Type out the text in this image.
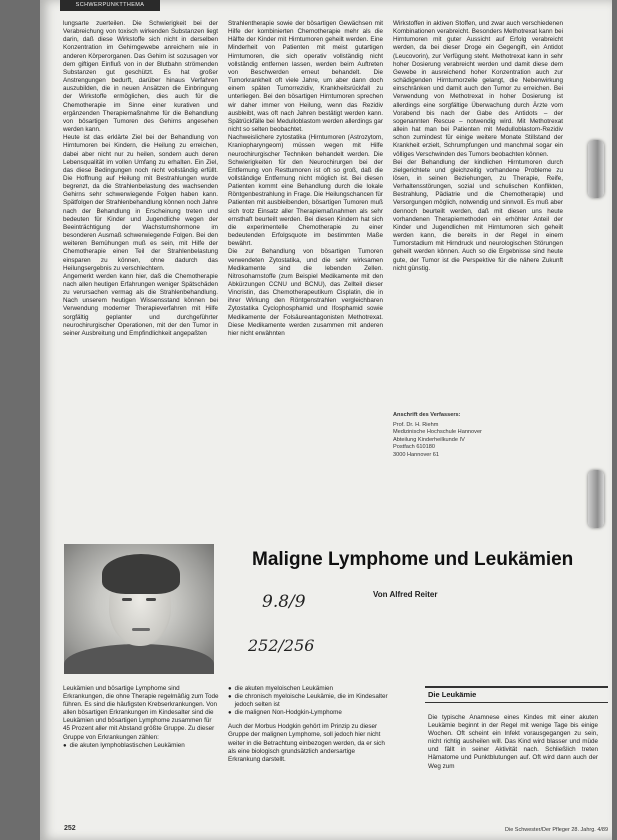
SCHWERPUNKTTHEMA

lungsarte zuerteilen. Die Schwierigkeit bei der Verabreichung von toxisch wirkenden Substanzen liegt darin, daß diese Wirkstoffe sich nicht in derselben Konzentration im Gehirngewebe anreichern wie in anderen Körperorganen. Das Gehirn ist sozusagen vor dem giftigen Einfluß von in der Blutbahn strömenden Substanzen gut geschützt. Es hat großer Anstrengungen bedurft, darüber hinaus Verfahren auszubilden, die in neuen Ansätzen die Einbringung der Wirkstoffe ermöglichen, dies auch für die Chemotherapie im Sinne einer kurativen und ergänzenden Therapiemaßnahme für die Behandlung von bösartigen Tumoren des Gehirns angesehen werden kann.

Heute ist das erklärte Ziel bei der Behandlung von Hirntumoren bei Kindern, die Heilung zu erreichen, dabei aber nicht nur zu heilen, sondern auch deren Lebensqualität im vollen Umfang zu erhalten. Ein Ziel, das diese Bedingungen noch nicht vollständig erfüllt. Die Hoffnung auf Heilung mit Bestrahlungen wurde begrenzt, da die Strahlenbelastung des wachsenden Gehirns sehr schwerwiegende Folgen haben kann. Spätfolgen der Strahlenbehandlung können noch Jahre nach der Behandlung in Erscheinung treten und bedeuten für Kinder und Jugendliche wegen der Beeinträchtigung der Wachstumshormone im besonderen Ausmaß schwerwiegende Folgen. Bei den weiteren Bemühungen muß es sein, mit Hilfe der Chemotherapie einen Teil der Strahlenbelastung einsparen zu können, ohne dadurch das Heilungsergebnis zu verschlechtern.

Angemerkt werden kann hier, daß die Chemotherapie nach allen heutigen Erfahrungen weniger Spätschäden zu verursachen vermag als die Strahlenbehandlung. Nach unserem heutigen Wissensstand können bei Verwendung moderner Therapieverfahren mit Hilfe sorgfältig geplanter und durchgeführter neurochirurgischer Operationen, mit der den Tumor in seiner Ausbreitung und Empfindlichkeit angepaßten

Strahlentherapie sowie der bösartigen Gewächsen mit Hilfe der kombinierten Chemotherapie mehr als die Hälfte der Kinder mit Hirntumoren geheilt werden. Eine Minderheit von Patienten mit meist gutartigen Hirntumoren, die sich operativ vollständig nicht vollständig entfernen lassen, werden beim Auftreten von Beschwerden erneut behandelt. Die Tumorkrankheit oft viele Jahre, um aber dann doch einem späten Tumorrezidiv, Krankheitsrückfall zu unterliegen. Bei den bösartigen Hirntumoren sprechen wir daher immer von Heilung, wenn das Rezidiv ausbleibt, was oft nach Jahren bestätigt werden kann. Spätrückfälle bei Medulloblastom werden allerdings gar nicht so selten beobachtet.

Nachweislichere zytostatika (Hirntumoren (Astrozytom, Kraniopharyngeom) müssen wegen mit Hilfe neurochirurgischer Techniken behandelt werden. Die Schwierigkeiten für den Neurochirurgen bei der Entfernung von Resttumoren ist oft so groß, daß die vollständige Entfernung nicht möglich ist. Bei diesen Patienten kommt eine Behandlung durch die lokale Röntgenbestrahlung in Frage. Die Heilungschancen für Patienten mit ausbleibenden, bösartigen Tumoren muß sich trotz Einsatz aller Therapiemaßnahmen als sehr ernsthaft beurteilt werden. Bei diesen Kindern hat sich die experimentelle Chemotherapie zu einer bedeutenden Erfolgsquote im bestimmten Maße bewährt.

Die zur Behandlung von bösartigen Tumoren verwendeten Zytostatika, und die sehr wirksamen Medikamente sind die lebenden Zellen. Nitrosoharnstoffe (zum Beispiel Medikamente mit den Abkürzungen CCNU und BCNU), das Zellteil dieser Vincristin, das Chemotherapeutikum Cisplatin, die in ihrer Wirkung den Röntgenstrahlen vergleichbaren Zytostatika Cyclophosphamid und Ifosphamid sowie Medikamente der Folsäureantagonisten Methotrexat. Diese Medikamente werden zusammen mit anderen hier nicht erwähnten

Wirkstoffen in aktiven Stoffen, und zwar auch verschiedenen Kombinationen verabreicht. Besonders Methotrexat kann bei Hirntumoren mit guter Aussicht auf Erfolg verabreicht werden, da bei dieser Droge ein Gegengift, ein Antidot (Leucovorin), zur Verfügung steht. Methotrexat kann in sehr hoher Dosierung verabreicht werden und damit diese dem Gewebe in ausreichend hoher Konzentration auch zur schädigenden Hirntumorzelle gelangt, die Nebenwirkung einschränken und damit auch den Tumor zu erreichen. Bei Verwendung von Methotrexat in hoher Dosierung ist allerdings eine sorgfältige Überwachung durch Ärzte vom Vorabend bis nach der Gabe des Antidots – der sogenannten Rescue – notwendig wird. Mit Methotrexat allein hat man bei Patienten mit Medulloblastom-Rezidiv schon zumindest für einige weitere Monate Stillstand der Krankheit erzielt, Schrumpfungen und manchmal sogar ein völliges Verschwinden des Tumors beobachten können.

Bei der Behandlung der kindlichen Hirntumoren durch zielgerichtete und gleichzeitig vorhandene Probleme zu lösen, in seinen Beziehungen, zu Therapie, Reife, Verhaltensstörungen, sozial und schulischen Konflikten, Bestrahlung, Pädiatrie und die Chemotherapie) und Versorgungen möglich, notwendig und sinnvoll. Es muß aber dennoch beurteilt werden, daß mit diesen uns heute vorhandenen Therapiemethoden ein erhöhter Anteil der Kinder und Jugendlichen mit Hirntumoren sich geheilt werden kann, die bereits in der Regel in einem Tumorstadium mit Hirndruck und neurologischen Störungen geheilt werden können. Auch so die Ergebnisse sind heute gute, der Tumor ist die Perspektive für die nähere Zukunft nicht günstig.

Anschrift des Verfassers:
Prof. Dr. H. Riehm
Medizinische Hochschule Hannover
Abteilung Kinderheilkunde IV
Postfach 610180
3000 Hannover 61
Maligne Lymphome und Leukämien
Von Alfred Reiter
9.8/9
252/256
Leukämien und bösartige Lymphome sind Erkrankungen, die ohne Therapie regelmäßig zum Tode führen. Es sind die häufigsten Krebserkrankungen. Von allen bösartigen Erkrankungen im Kindesalter sind die Leukämien und bösartigen Lymphome zusammen für 45 Prozent aller mit Abstand größte Gruppe. Zu dieser Gruppe von Erkrankungen zählen:
● die akuten lymphoblastischen Leukämien
● die akuten myeloischen Leukämien
● die chronisch myeloische Leukämie, die im Kindesalter jedoch selten ist
● die malignen Non-Hodgkin-Lymphome
Auch der Morbus Hodgkin gehört im Prinzip zu dieser Gruppe der malignen Lymphome, soll jedoch hier nicht weiter in die Betrachtung einbezogen werden, da er sich als eine biologisch grundsätzlich andersartige Erkrankung darstellt.
Die Leukämie
Die typische Anamnese eines Kindes mit einer akuten Leukämie beginnt in der Regel mit wenige Tage bis einige Wochen. Oft scheint ein Infekt vorausgegangen zu sein, nicht richtig ausheilen will. Das Kind wird blasser und müde und fällt in seiner Aktivität nach. Schließlich treten Hämatome und Punktblutungen auf. Oft wird dann auch der Weg zum
252	Die Schwester/Der Pfleger 28. Jahrg. 4/89
